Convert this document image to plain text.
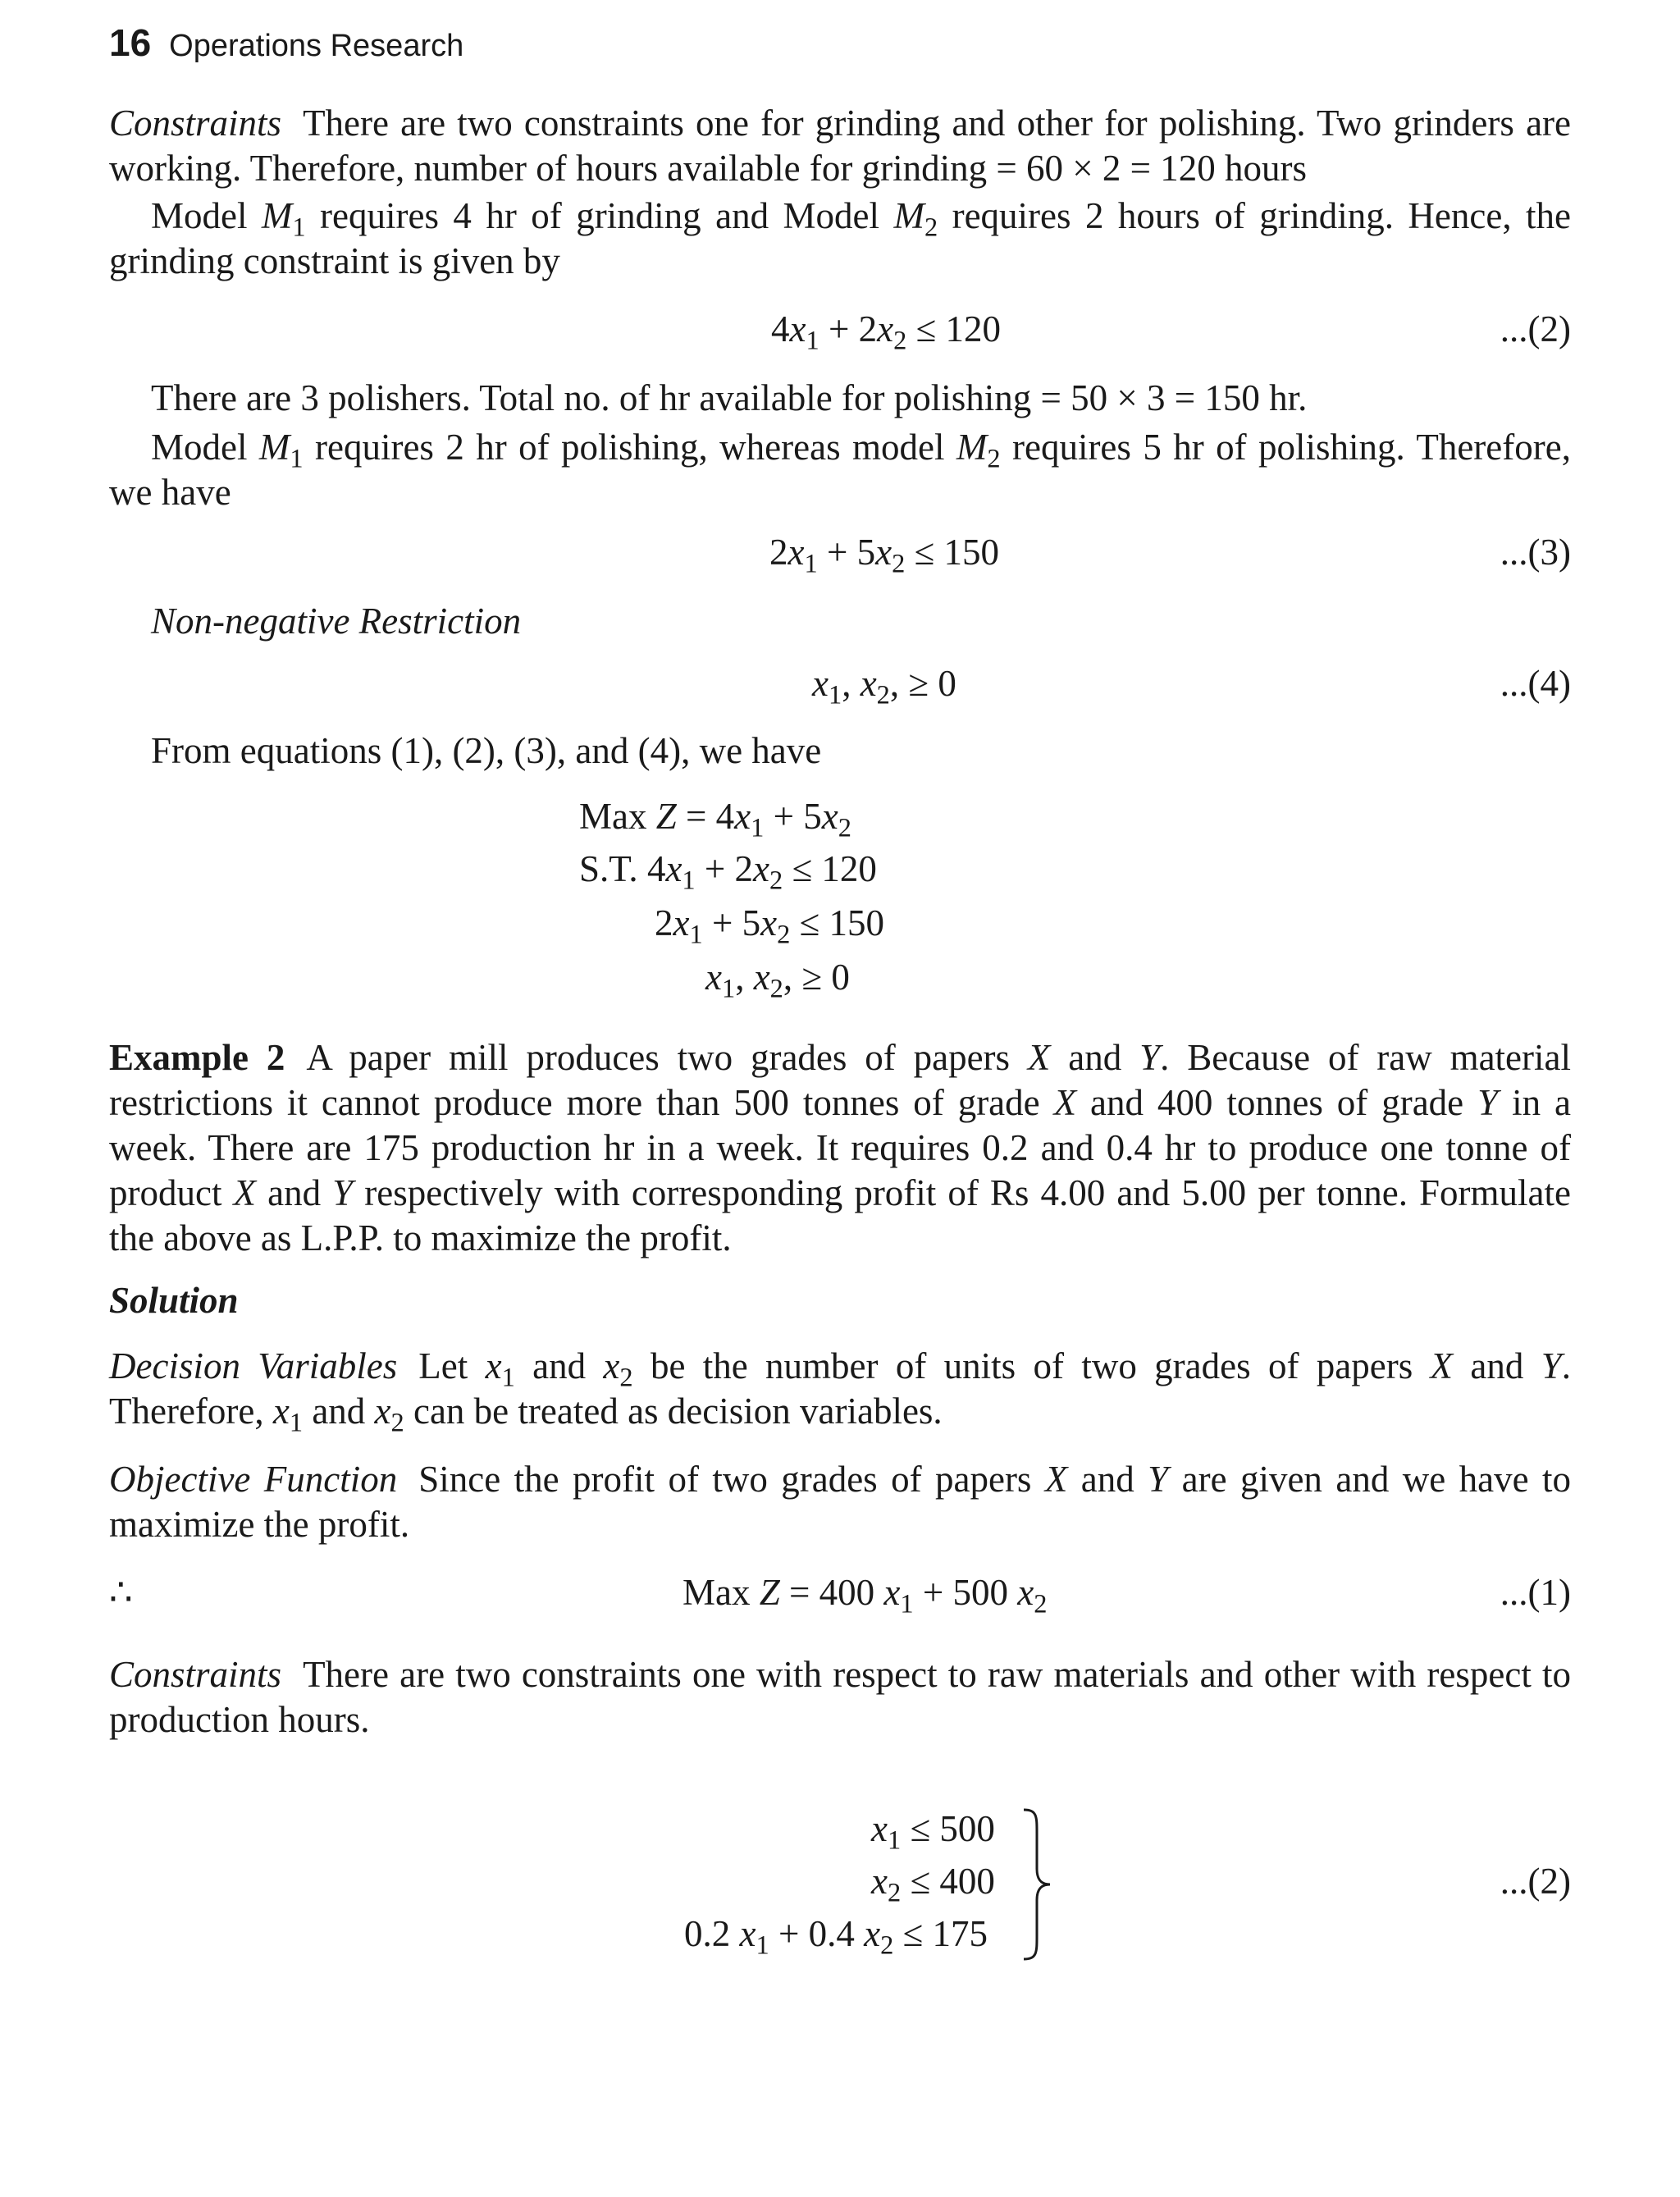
16 Operations Research
Constraints There are two constraints one for grinding and other for polishing. Two grinders are working. Therefore, number of hours available for grinding = 60 × 2 = 120 hours
Model $M_1$ requires 4 hr of grinding and Model $M_2$ requires 2 hours of grinding. Hence, the grinding constraint is given by
$4x_1 + 2x_2 \le 120$	...(2)
There are 3 polishers. Total no. of hr available for polishing = 50 × 3 = 150 hr.
Model $M_1$ requires 2 hr of polishing, whereas model $M_2$ requires 5 hr of polishing. Therefore, we have
$2x_1 + 5x_2 \le 150$	...(3)
Non-negative Restriction
$x_1$, $x_2$, ≥ 0	...(4)
From equations (1), (2), (3), and (4), we have
Max $Z = 4x_1 + 5x_2$
S.T. $4x_1 + 2x_2 \le 120$
$2x_1 + 5x_2 \le 150$
$x_1$, $x_2$, ≥ 0
Example 2 A paper mill produces two grades of papers X and Y. Because of raw material restrictions it cannot produce more than 500 tonnes of grade X and 400 tonnes of grade Y in a week. There are 175 production hr in a week. It requires 0.2 and 0.4 hr to produce one tonne of product X and Y respectively with corresponding profit of Rs 4.00 and 5.00 per tonne. Formulate the above as L.P.P. to maximize the profit.
Solution
Decision Variables Let $x_1$ and $x_2$ be the number of units of two grades of papers X and Y. Therefore, $x_1$ and $x_2$ can be treated as decision variables.
Objective Function Since the profit of two grades of papers X and Y are given and we have to maximize the profit.
∴	Max Z = 400 $x_1 + 500$ $x_2$	...(1)
Constraints There are two constraints one with respect to raw materials and other with respect to production hours.
$x_1 \le 500$
$x_2 \le 400$
0.2 $x_1 + 0.4$ $x_2 \le 175$
...(2)
